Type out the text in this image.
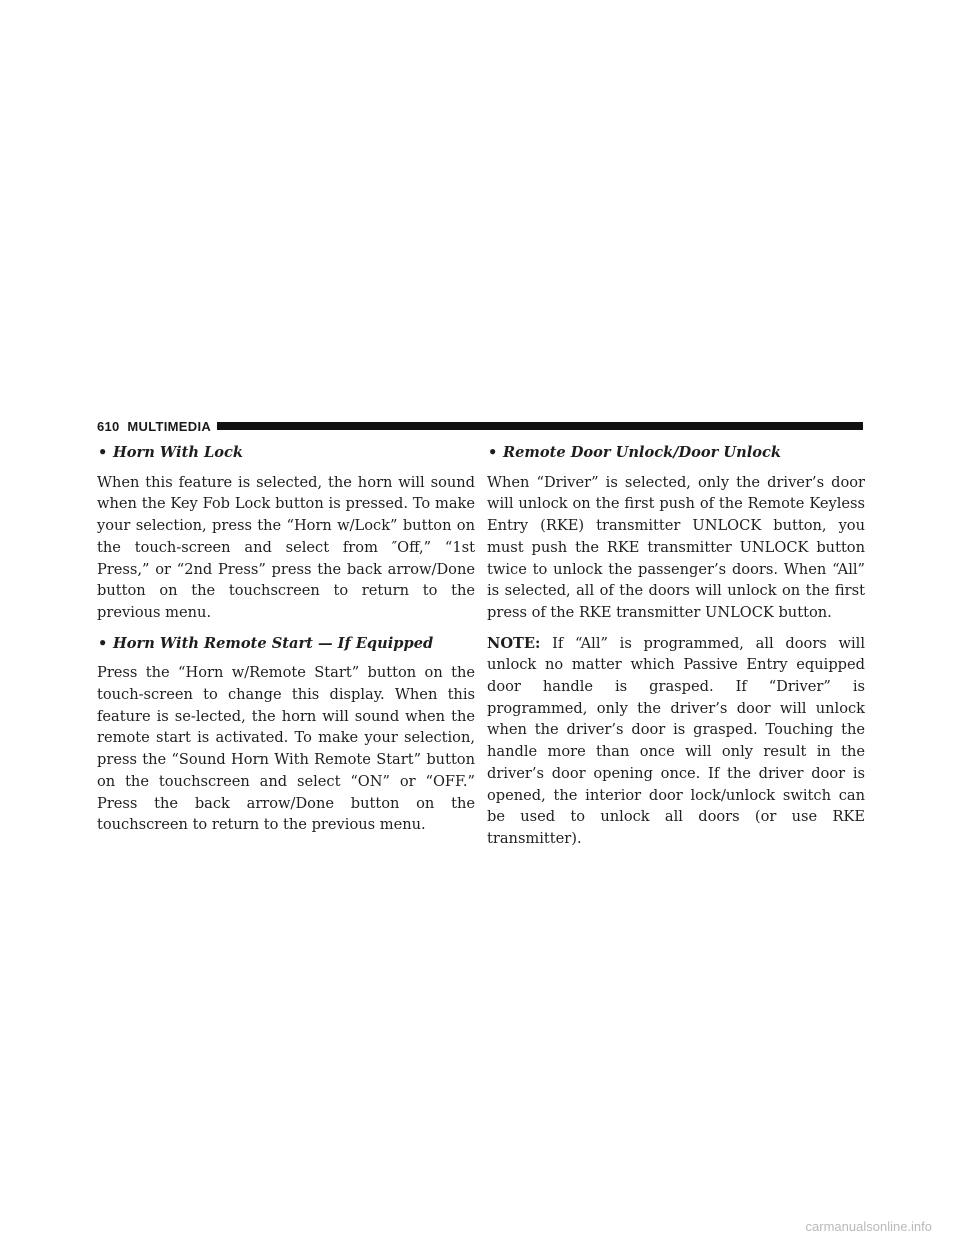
610 MULTIMEDIA

• Horn With Lock

When this feature is selected, the horn will sound when the Key Fob Lock button is pressed. To make your selection, press the “Horn w/Lock” button on the touch-screen and select from ″Off,” “1st Press,” or “2nd Press” press the back arrow/Done button on the touchscreen to return to the previous menu.

• Horn With Remote Start — If Equipped

Press the “Horn w/Remote Start” button on the touch-screen to change this display. When this feature is se-lected, the horn will sound when the remote start is activated. To make your selection, press the “Sound Horn With Remote Start” button on the touchscreen and select “ON” or “OFF.” Press the back arrow/Done button on the touchscreen to return to the previous menu.

• Remote Door Unlock/Door Unlock

When “Driver” is selected, only the driver’s door will unlock on the first push of the Remote Keyless Entry (RKE) transmitter UNLOCK button, you must push the RKE transmitter UNLOCK button twice to unlock the passenger’s doors. When “All” is selected, all of the doors will unlock on the first press of the RKE transmitter UNLOCK button.

NOTE: If “All” is programmed, all doors will unlock no matter which Passive Entry equipped door handle is grasped. If “Driver” is programmed, only the driver’s door will unlock when the driver’s door is grasped. Touching the handle more than once will only result in the driver’s door opening once. If the driver door is opened, the interior door lock/unlock switch can be used to unlock all doors (or use RKE transmitter).

carmanualsonline.info
